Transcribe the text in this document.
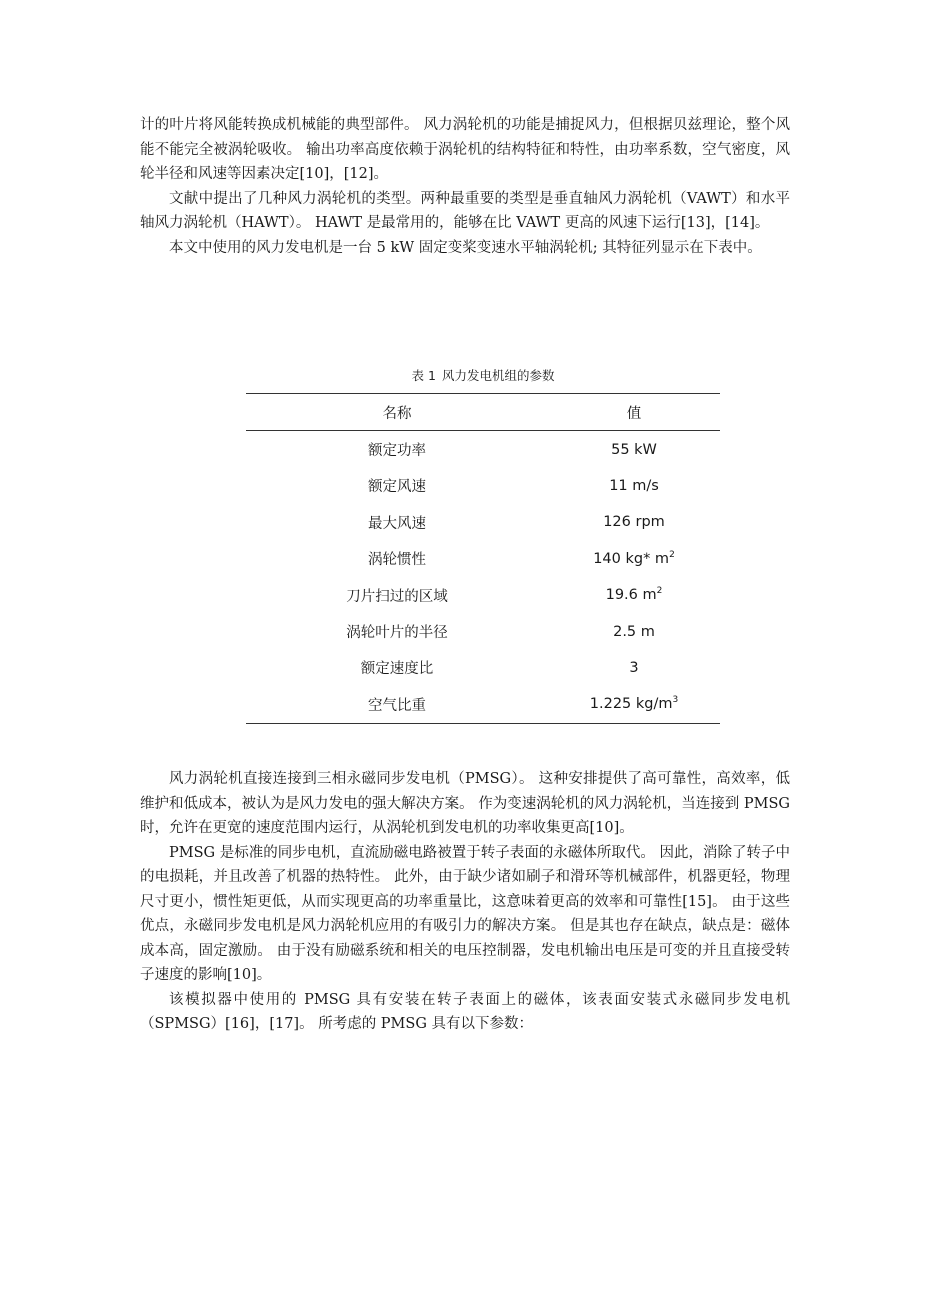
计的叶片将风能转换成机械能的典型部件。 风力涡轮机的功能是捕捉风力，但根据贝兹理论，整个风能不能完全被涡轮吸收。 输出功率高度依赖于涡轮机的结构特征和特性，由功率系数，空气密度，风轮半径和风速等因素决定[10]，[12]。

文献中提出了几种风力涡轮机的类型。两种最重要的类型是垂直轴风力涡轮机（VAWT）和水平轴风力涡轮机（HAWT）。 HAWT 是最常用的，能够在比 VAWT 更高的风速下运行[13]，[14]。

本文中使用的风力发电机是一台 5 kW 固定变桨变速水平轴涡轮机; 其特征列显示在下表中。

表 1 风力发电机组的参数
名称	值
额定功率	55 kW
额定风速	11 m/s
最大风速	126 rpm
涡轮惯性	140 kg* $m^2$
刀片扫过的区域	19.6 $m^2$
涡轮叶片的半径	2.5 m
额定速度比	3
空气比重	1.225 $kg/m^3$

风力涡轮机直接连接到三相永磁同步发电机（PMSG）。 这种安排提供了高可靠性，高效率，低维护和低成本，被认为是风力发电的强大解决方案。 作为变速涡轮机的风力涡轮机，当连接到 PMSG 时，允许在更宽的速度范围内运行，从涡轮机到发电机的功率收集更高[10]。

PMSG 是标准的同步电机，直流励磁电路被置于转子表面的永磁体所取代。 因此，消除了转子中的电损耗，并且改善了机器的热特性。 此外，由于缺少诸如刷子和滑环等机械部件，机器更轻，物理尺寸更小，惯性矩更低，从而实现更高的功率重量比，这意味着更高的效率和可靠性[15]。 由于这些优点，永磁同步发电机是风力涡轮机应用的有吸引力的解决方案。 但是其也存在缺点，缺点是：磁体成本高，固定激励。 由于没有励磁系统和相关的电压控制器，发电机输出电压是可变的并且直接受转子速度的影响[10]。

该模拟器中使用的 PMSG 具有安装在转子表面上的磁体，该表面安装式永磁同步发电机（SPMSG）[16]，[17]。 所考虑的 PMSG 具有以下参数：
